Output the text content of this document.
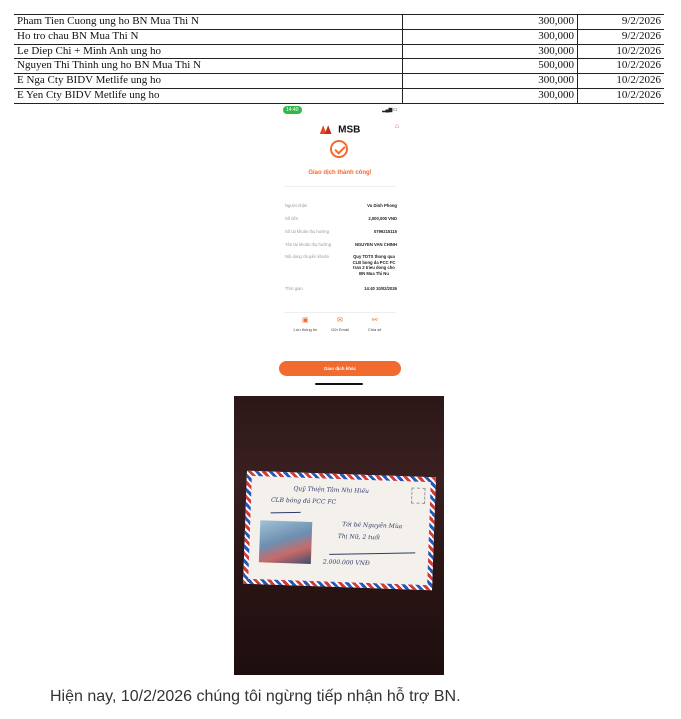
Pham Tien Cuong ung ho BN Mua Thi N	300,000	9/2/2026
Ho tro chau BN Mua Thi N	300,000	9/2/2026
Le Diep Chi + Minh Anh ung ho	300,000	10/2/2026
Nguyen Thi Thinh ung ho BN Mua Thi N	500,000	10/2/2026
E Nga Cty BIDV Metlife ung ho	300,000	10/2/2026
E Yen Cty BIDV Metlife ung ho	300,000	10/2/2026
14:40	▂▄▆ ▭
MSB	⌂
Giao dịch thành công!
Người nhận	Vu Dinh Phong
Số tiền	2,000,000 VND
Số tài khoản thụ hưởng	0799215115
Tên tài khoản thụ hưởng	NGUYEN VAN CHINH
Nội dung chuyển khoản	Quy TDTS thong qua CLB bong da PCC FC tran 2 trieu dong cho BN Mua Thi Nu
Thời gian	14:40 10/02/2026
▣
Lưu thông tin
✉
Gửi Email
⚯
Chia sẻ
Giao dịch khác
Quỹ Thiện Tâm Nhi Hiếu
CLB bóng đá PCC FC
Tới bé Nguyễn Mùa
Thị Nữ, 2 tuổi
2.000.000 VNĐ
Hiện nay, 10/2/2026 chúng tôi ngừng tiếp nhận hỗ trợ BN.
